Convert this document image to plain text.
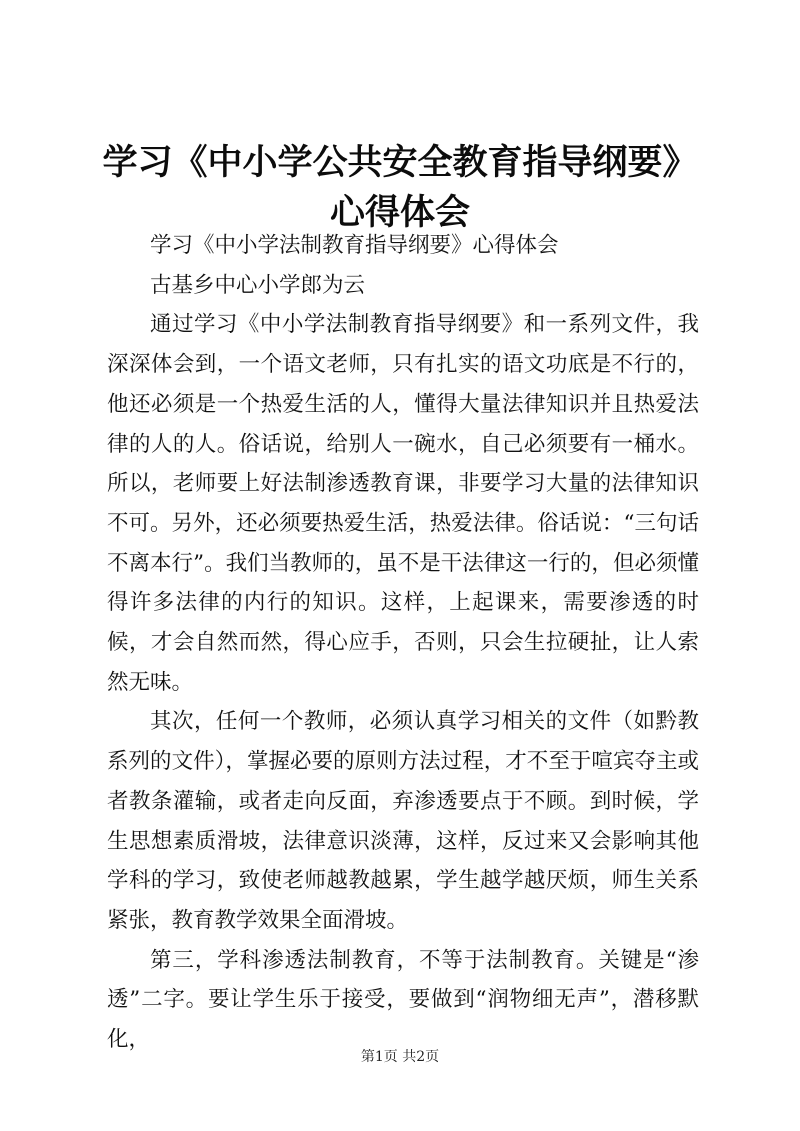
学习《中小学公共安全教育指导纲要》心得体会

学习《中小学法制教育指导纲要》心得体会

古基乡中心小学郎为云

通过学习《中小学法制教育指导纲要》和一系列文件，我深深体会到，一个语文老师，只有扎实的语文功底是不行的，他还必须是一个热爱生活的人，懂得大量法律知识并且热爱法律的人的人。俗话说，给别人一碗水，自己必须要有一桶水。所以，老师要上好法制渗透教育课，非要学习大量的法律知识不可。另外，还必须要热爱生活，热爱法律。俗话说：“三句话不离本行”。我们当教师的，虽不是干法律这一行的，但必须懂得许多法律的内行的知识。这样，上起课来，需要渗透的时候，才会自然而然，得心应手，否则，只会生拉硬扯，让人索然无味。

其次，任何一个教师，必须认真学习相关的文件（如黔教系列的文件），掌握必要的原则方法过程，才不至于喧宾夺主或者教条灌输，或者走向反面，弃渗透要点于不顾。到时候，学生思想素质滑坡，法律意识淡薄，这样，反过来又会影响其他学科的学习，致使老师越教越累，学生越学越厌烦，师生关系紧张，教育教学效果全面滑坡。

第三，学科渗透法制教育，不等于法制教育。关键是“渗透”二字。要让学生乐于接受，要做到“润物细无声”，潜移默化，

第1页 共2页
